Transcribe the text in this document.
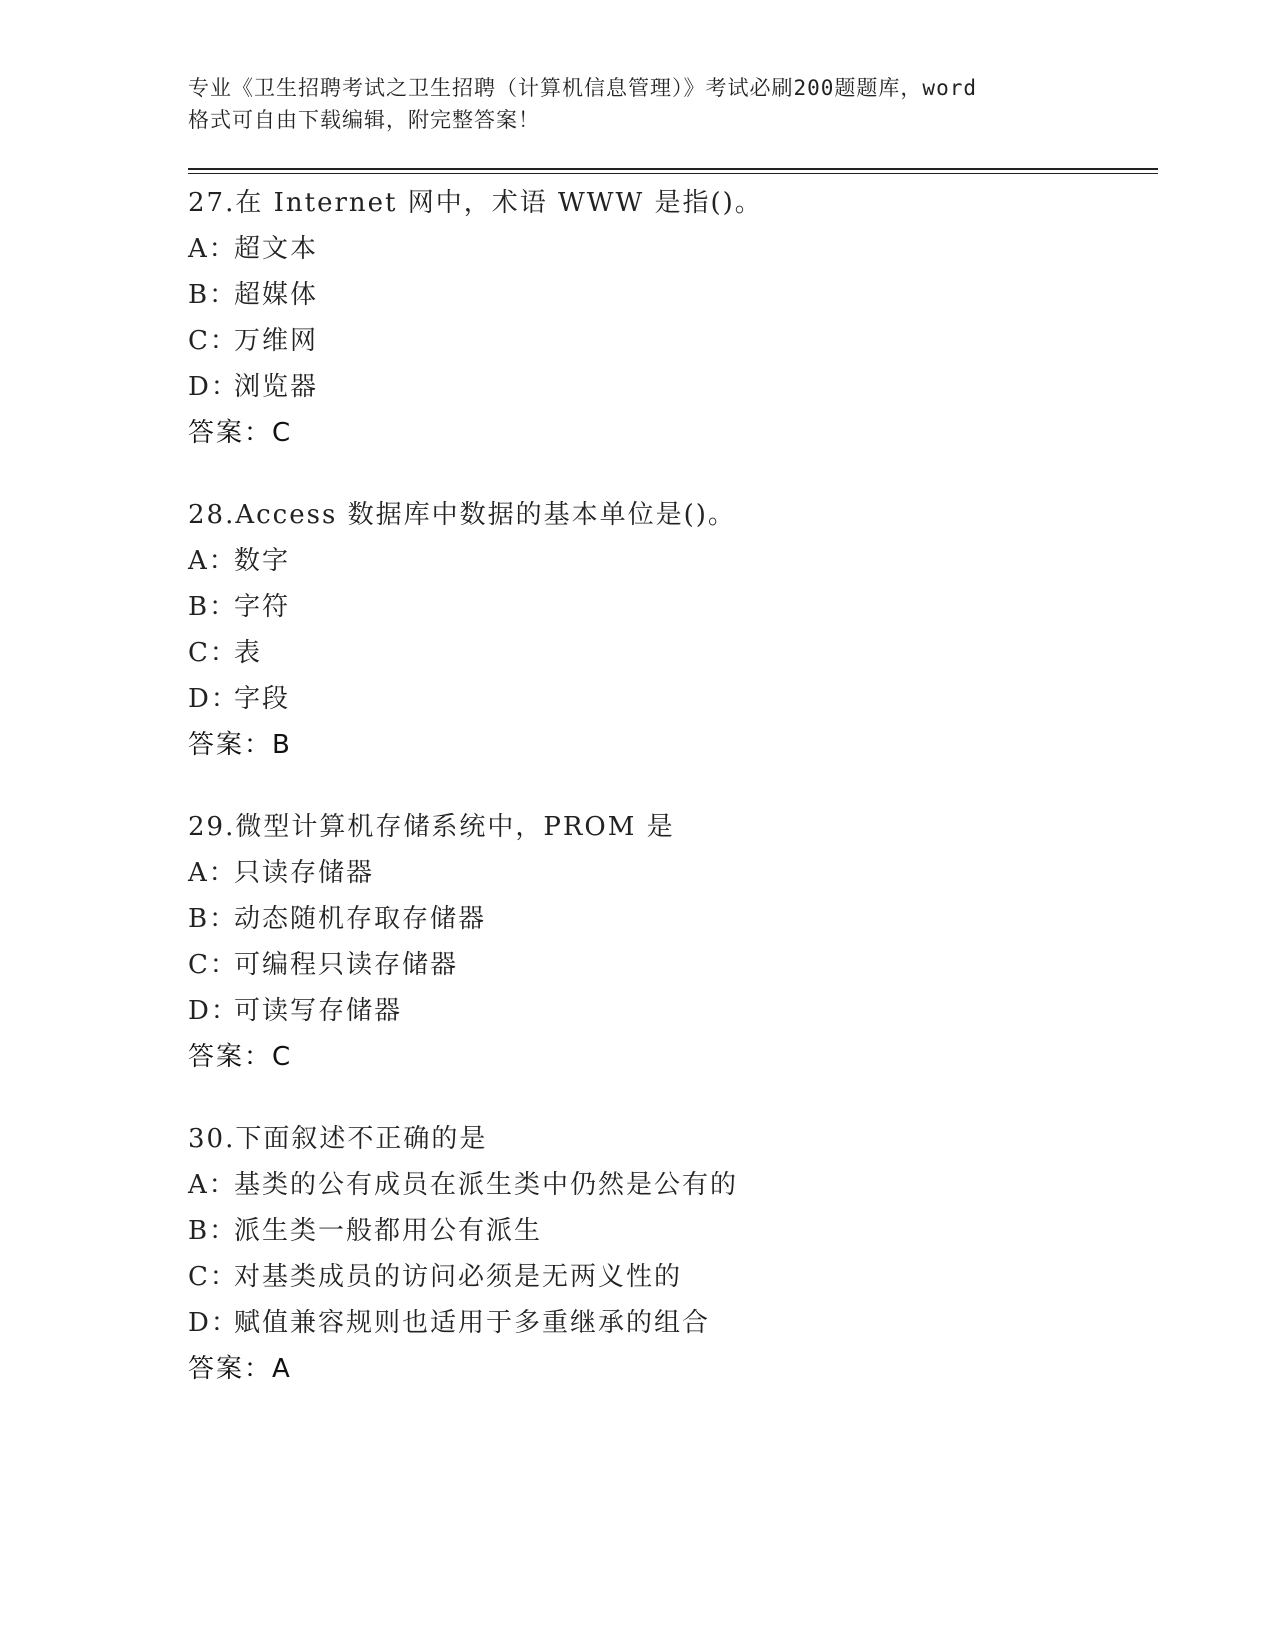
专业《卫生招聘考试之卫生招聘（计算机信息管理）》考试必刷200题题库，word
格式可自由下载编辑，附完整答案！
27.在 Internet 网中，术语 WWW 是指()。
A：超文本
B：超媒体
C：万维网
D：浏览器
答案：C
28.Access 数据库中数据的基本单位是()。
A：数字
B：字符
C：表
D：字段
答案：B
29.微型计算机存储系统中，PROM 是
A：只读存储器
B：动态随机存取存储器
C：可编程只读存储器
D：可读写存储器
答案：C
30.下面叙述不正确的是
A：基类的公有成员在派生类中仍然是公有的
B：派生类一般都用公有派生
C：对基类成员的访问必须是无两义性的
D：赋值兼容规则也适用于多重继承的组合
答案：A
